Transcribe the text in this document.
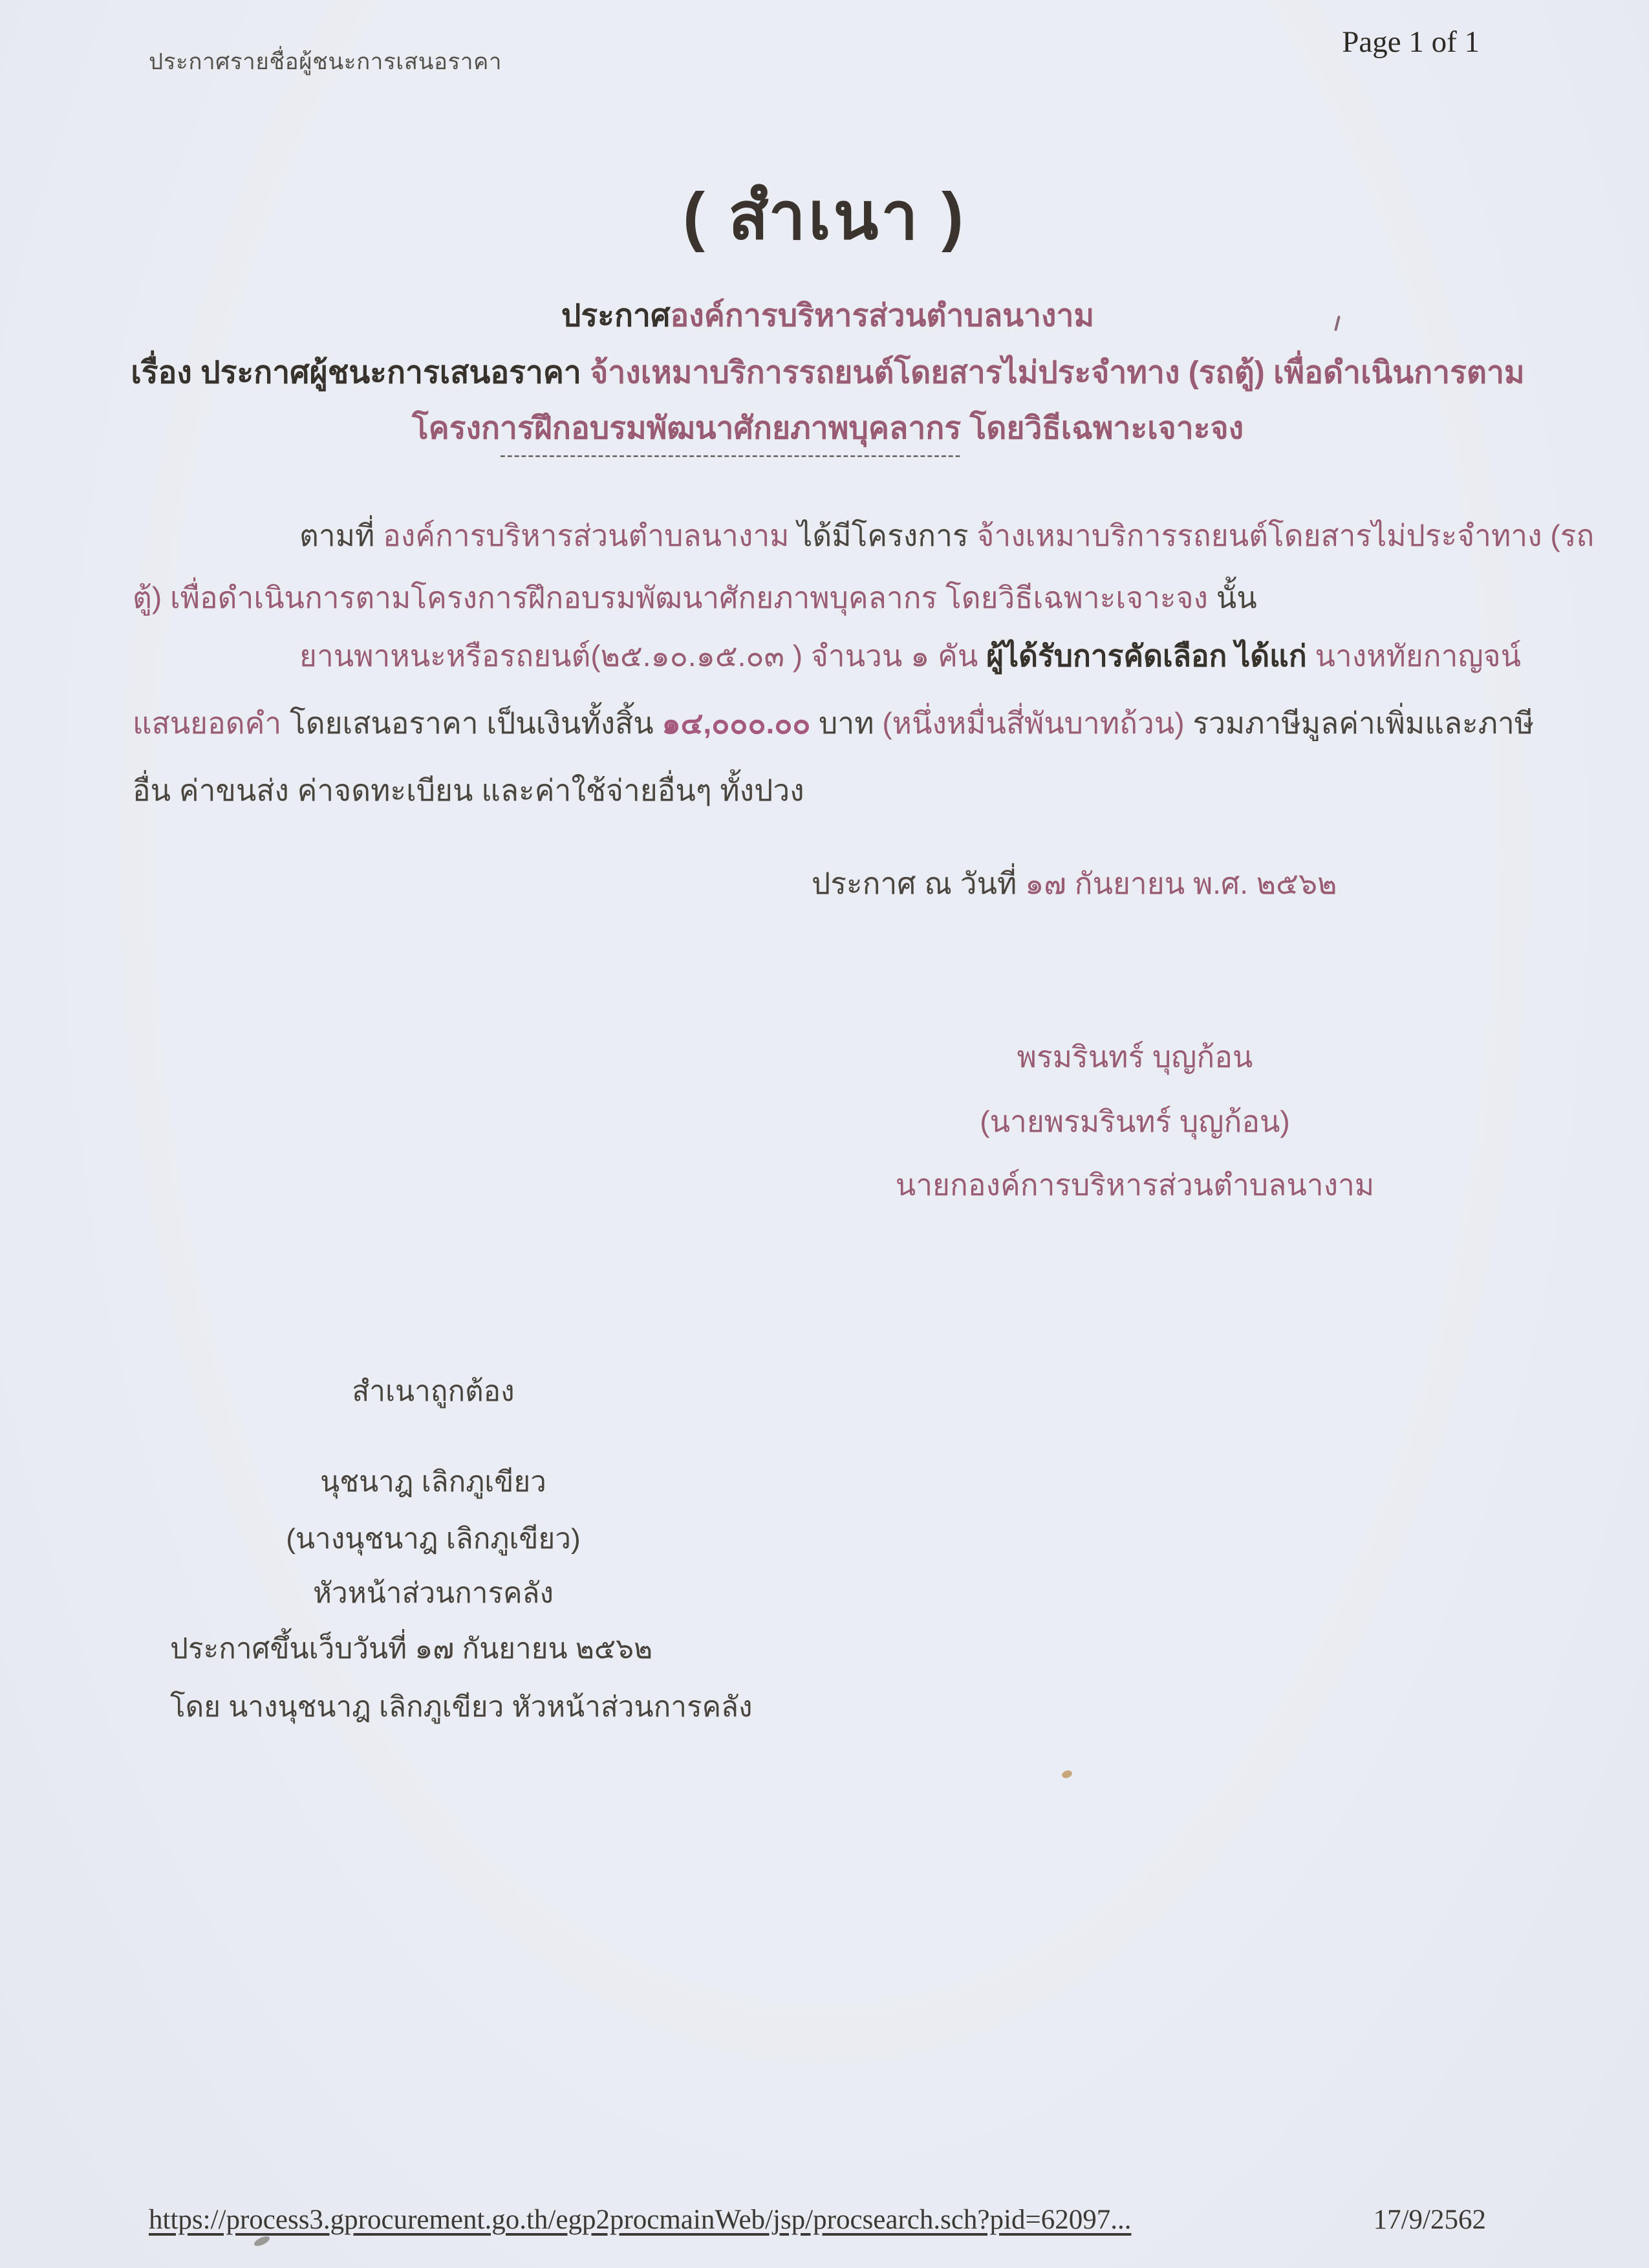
ประกาศรายชื่อผู้ชนะการเสนอราคา
Page 1 of 1
( สำเนา )
ประกาศองค์การบริหารส่วนตำบลนางาม
เรื่อง ประกาศผู้ชนะการเสนอราคา จ้างเหมาบริการรถยนต์โดยสารไม่ประจำทาง (รถตู้) เพื่อดำเนินการตาม
โครงการฝึกอบรมพัฒนาศักยภาพบุคลากร โดยวิธีเฉพาะเจาะจง
------------------------------------------------------------------
ตามที่ องค์การบริหารส่วนตำบลนางาม ได้มีโครงการ จ้างเหมาบริการรถยนต์โดยสารไม่ประจำทาง (รถ
ตู้) เพื่อดำเนินการตามโครงการฝึกอบรมพัฒนาศักยภาพบุคลากร โดยวิธีเฉพาะเจาะจง นั้น
ยานพาหนะหรือรถยนต์(๒๕.๑๐.๑๕.๐๓ ) จำนวน ๑ คัน ผู้ได้รับการคัดเลือก ได้แก่ นางหทัยกาญจน์
แสนยอดคำ โดยเสนอราคา เป็นเงินทั้งสิ้น ๑๔,๐๐๐.๐๐ บาท (หนึ่งหมื่นสี่พันบาทถ้วน) รวมภาษีมูลค่าเพิ่มและภาษี
อื่น ค่าขนส่ง ค่าจดทะเบียน และค่าใช้จ่ายอื่นๆ ทั้งปวง
ประกาศ ณ วันที่ ๑๗ กันยายน พ.ศ. ๒๕๖๒
พรมรินทร์ บุญก้อน
(นายพรมรินทร์ บุญก้อน)
นายกองค์การบริหารส่วนตำบลนางาม
สำเนาถูกต้อง
นุชนาฎ เลิกภูเขียว
(นางนุชนาฎ เลิกภูเขียว)
หัวหน้าส่วนการคลัง
ประกาศขึ้นเว็บวันที่ ๑๗ กันยายน ๒๕๖๒
โดย นางนุชนาฎ เลิกภูเขียว หัวหน้าส่วนการคลัง
https://process3.gprocurement.go.th/egp2procmainWeb/jsp/procsearch.sch?pid=62097...	17/9/2562
